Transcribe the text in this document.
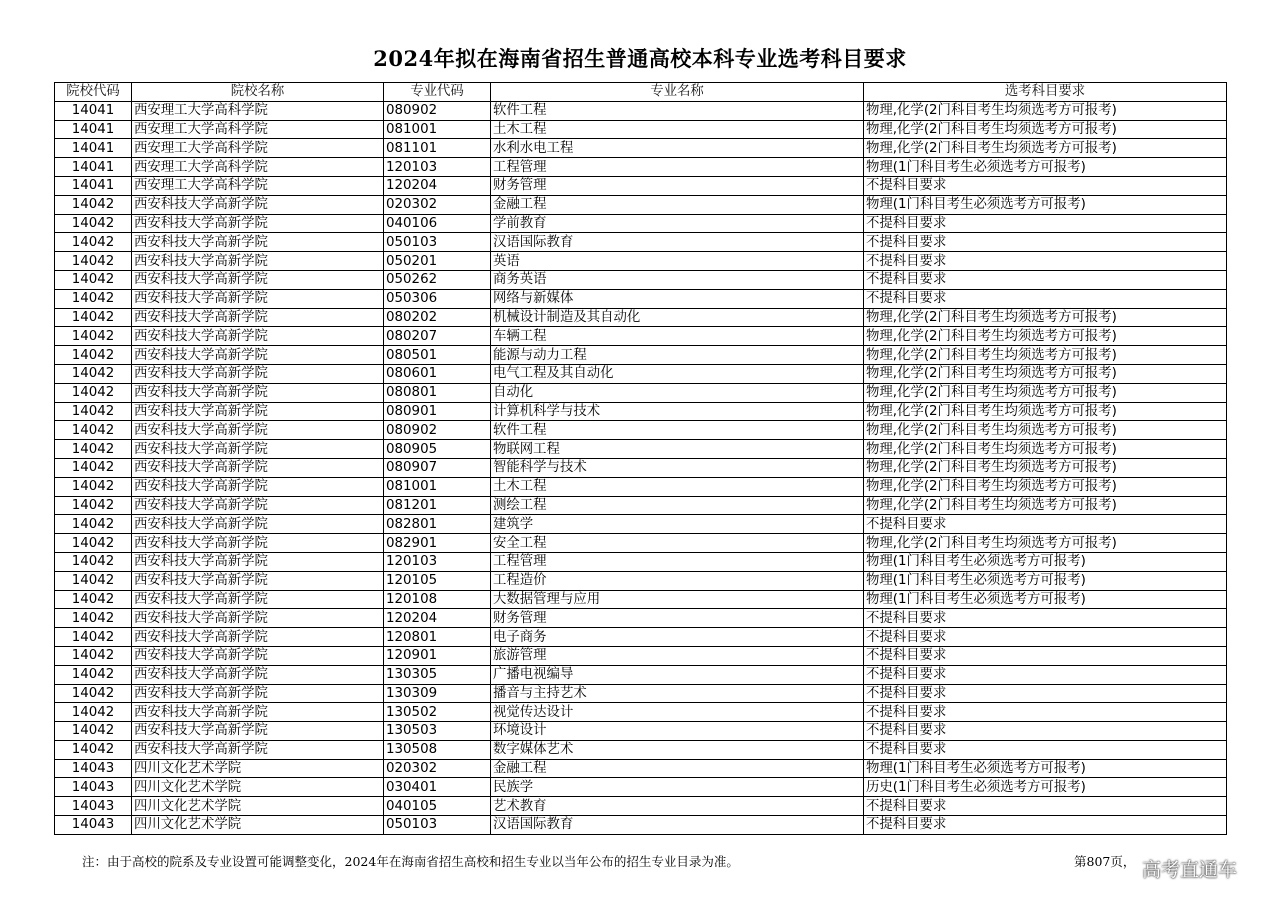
2024年拟在海南省招生普通高校本科专业选考科目要求
院校代码	院校名称	专业代码	专业名称	选考科目要求
14041	西安理工大学高科学院	080902	软件工程	物理,化学(2门科目考生均须选考方可报考)
14041	西安理工大学高科学院	081001	土木工程	物理,化学(2门科目考生均须选考方可报考)
14041	西安理工大学高科学院	081101	水利水电工程	物理,化学(2门科目考生均须选考方可报考)
14041	西安理工大学高科学院	120103	工程管理	物理(1门科目考生必须选考方可报考)
14041	西安理工大学高科学院	120204	财务管理	不提科目要求
14042	西安科技大学高新学院	020302	金融工程	物理(1门科目考生必须选考方可报考)
14042	西安科技大学高新学院	040106	学前教育	不提科目要求
14042	西安科技大学高新学院	050103	汉语国际教育	不提科目要求
14042	西安科技大学高新学院	050201	英语	不提科目要求
14042	西安科技大学高新学院	050262	商务英语	不提科目要求
14042	西安科技大学高新学院	050306	网络与新媒体	不提科目要求
14042	西安科技大学高新学院	080202	机械设计制造及其自动化	物理,化学(2门科目考生均须选考方可报考)
14042	西安科技大学高新学院	080207	车辆工程	物理,化学(2门科目考生均须选考方可报考)
14042	西安科技大学高新学院	080501	能源与动力工程	物理,化学(2门科目考生均须选考方可报考)
14042	西安科技大学高新学院	080601	电气工程及其自动化	物理,化学(2门科目考生均须选考方可报考)
14042	西安科技大学高新学院	080801	自动化	物理,化学(2门科目考生均须选考方可报考)
14042	西安科技大学高新学院	080901	计算机科学与技术	物理,化学(2门科目考生均须选考方可报考)
14042	西安科技大学高新学院	080902	软件工程	物理,化学(2门科目考生均须选考方可报考)
14042	西安科技大学高新学院	080905	物联网工程	物理,化学(2门科目考生均须选考方可报考)
14042	西安科技大学高新学院	080907	智能科学与技术	物理,化学(2门科目考生均须选考方可报考)
14042	西安科技大学高新学院	081001	土木工程	物理,化学(2门科目考生均须选考方可报考)
14042	西安科技大学高新学院	081201	测绘工程	物理,化学(2门科目考生均须选考方可报考)
14042	西安科技大学高新学院	082801	建筑学	不提科目要求
14042	西安科技大学高新学院	082901	安全工程	物理,化学(2门科目考生均须选考方可报考)
14042	西安科技大学高新学院	120103	工程管理	物理(1门科目考生必须选考方可报考)
14042	西安科技大学高新学院	120105	工程造价	物理(1门科目考生必须选考方可报考)
14042	西安科技大学高新学院	120108	大数据管理与应用	物理(1门科目考生必须选考方可报考)
14042	西安科技大学高新学院	120204	财务管理	不提科目要求
14042	西安科技大学高新学院	120801	电子商务	不提科目要求
14042	西安科技大学高新学院	120901	旅游管理	不提科目要求
14042	西安科技大学高新学院	130305	广播电视编导	不提科目要求
14042	西安科技大学高新学院	130309	播音与主持艺术	不提科目要求
14042	西安科技大学高新学院	130502	视觉传达设计	不提科目要求
14042	西安科技大学高新学院	130503	环境设计	不提科目要求
14042	西安科技大学高新学院	130508	数字媒体艺术	不提科目要求
14043	四川文化艺术学院	020302	金融工程	物理(1门科目考生必须选考方可报考)
14043	四川文化艺术学院	030401	民族学	历史(1门科目考生必须选考方可报考)
14043	四川文化艺术学院	040105	艺术教育	不提科目要求
14043	四川文化艺术学院	050103	汉语国际教育	不提科目要求
注：由于高校的院系及专业设置可能调整变化，2024年在海南省招生高校和招生专业以当年公布的招生专业目录为准。	第807页， 高考直通车
